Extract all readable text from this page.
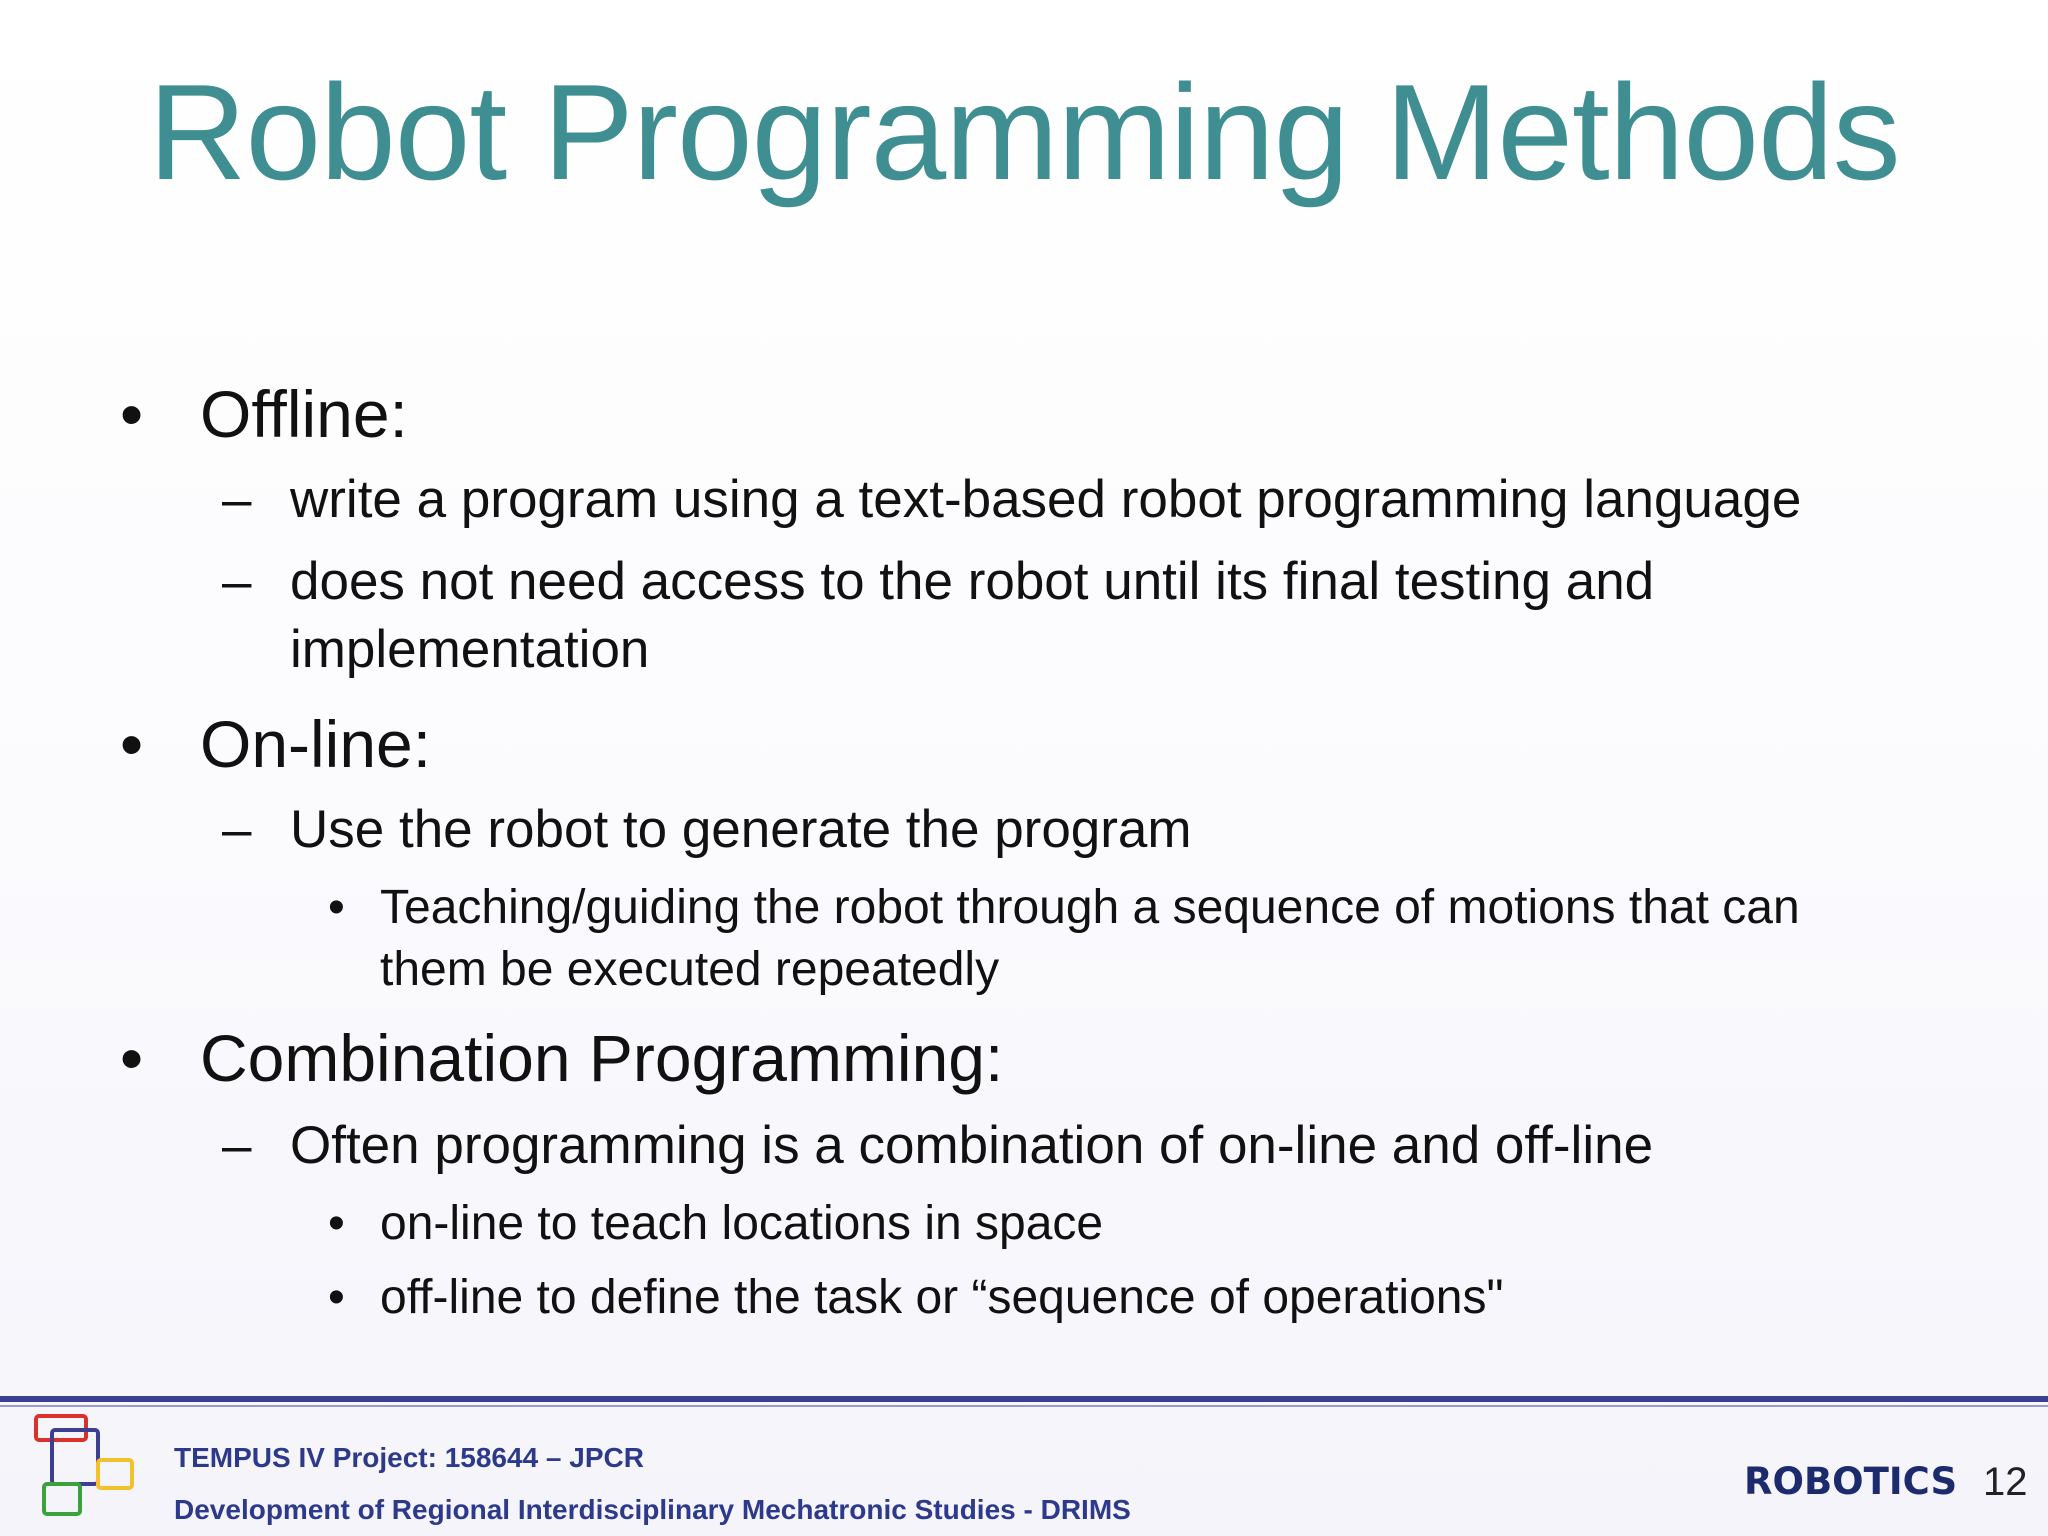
Robot Programming Methods
• Offline:
– write a program using a text-based robot programming language
– does not need access to the robot until its final testing and
implementation
• On-line:
– Use the robot to generate the program
• Teaching/guiding the robot through a sequence of motions that can
them be executed repeatedly
• Combination Programming:
– Often programming is a combination of on-line and off-line
• on-line to teach locations in space
• off-line to define the task or “sequence of operations"
TEMPUS IV Project: 158644 – JPCR
Development of Regional Interdisciplinary Mechatronic Studies - DRIMS
ROBOTICS 12
